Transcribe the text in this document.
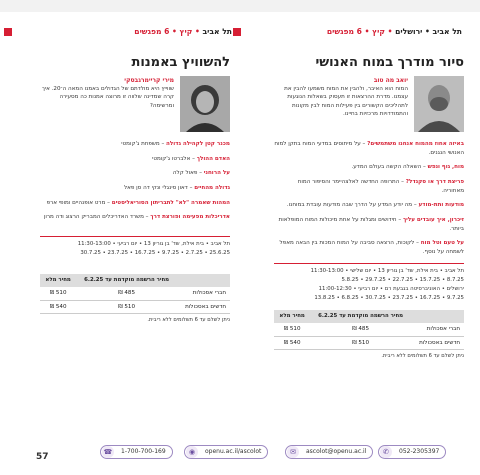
תל אביב • ירושלים • קיץ • 6 מפגשים
תל אביב • קיץ • 6 מפגשים
סיור מודרך במוח האנושי
יואב מה טוב
המוח הוא האיבר, ולהבין את המוח משמעו להבין את עצמנו. מדרת ההרצאות זו תעסוק בשאלות הנוגעות לתהליכים הקשורים בין פעילות המוח לבין מקונות והתמודדויות מרכזיות בחיינו.

באיזה אחוז מהמוח אנחנו משתמשים? – על מיתוסים במדעי המוח בתקן למוח האנושי הנגנים.

מוח, גוף ונפש – השאלה הקשה בעולם המדע.

פריצת דרך או סקנדל? – התרופה החדשה לאלצהיימר והסיפור המוח מאחוריה.

מודעות ותת-מודע – מה יודע המדע על הדרך שבה מודעות עובדת במוחנו.

זיכרון, איך עובדים עליך – חידושים ומגלות על אחת מיכולות המוח המופלאות ביותר.

על טעם וטל מוח – לקוכות, הרצאה סביבה על המוח המכות בין הבאה מאפל לשמחה על נוסף.

תל אביב • בית אילת, שד' בן גוריון 13 • יום שלישי • 11:30-13:00
8.7.25 • 15.7.25 • 22.7.25 • 29.7.25 • 5.8.25
ירושלים • האוניברסיטה בגבעת רם • יום רביעי • 11:00-12:30
9.7.25 • 16.7.25 • 23.7.25 • 30.7.25 • 6.8.25 • 13.8.25
	מחיר הרשמה מוקדמת עד 6.2.25	מחיר מלא
חברי אסכולות	485 ₪	510 ₪
חדשים באסכולות	510 ₪	540 ₪
ניתן לשלם עד 6 תשלומים ללא ריבית.
להשוויץ באמנות
מירי קריימרגבסקי
שווייץ היא מולדתם של הגדולים באמנו המאה ה־20. איך קרה שמדינה שלווה זו מרוצה אמנות כה מסעירה ומרשימה?

מכנר קטן לקהילה גדולה – משפחת ג'קומטי

האדם ההולך – אלברטו ג'קומטי

על הרוחני – פאול קלה

גדולה מהחיים – דאון סינגלי ונקי דה סן פאל

המהות שאמרה "לא" לתבריתון הסוריאליסטים – מרט אופנהיים ומופי ארפ

אדריכלות מפעימה ופורצת דרך – משרד האדריכלים המבריק הרצוג ודה מרון

תל אביב • בית אילת, שד' בן גוריון 13 • יום רביעי • 11:30-13:00
25.6.25 • 2.7.25 • 9.7.25 • 16.7.25 • 23.7.25 • 30.7.25
	מחיר הרשמה מוקדמת עד 6.2.25	מחיר מלא
חברי אסכולות	485 ₪	510 ₪
חדשים באסכולות	510 ₪	540 ₪
ניתן לשלם עד 6 תשלומים ללא ריבית.
✆	052-2305397
✉	ascolot@openu.ac.il
◉	openu.ac.il/ascolot
☎ 1-700-700-169
57
